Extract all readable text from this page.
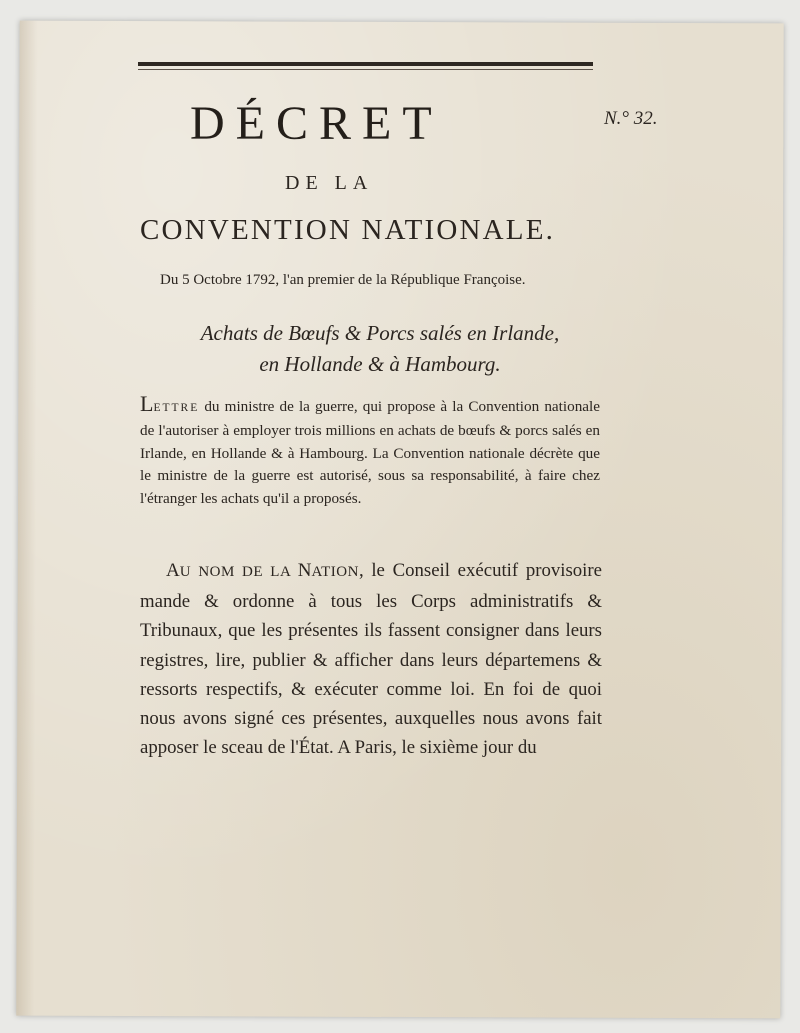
DÉCRET	N.° 32.
DE LA
CONVENTION NATIONALE.
Du 5 Octobre 1792, l'an premier de la République Françoise.
Achats de Bœufs & Porcs salés en Irlande,
en Hollande & à Hambourg.
LETTRE du ministre de la guerre, qui propose à la Convention nationale de l'autoriser à employer trois millions en achats de bœufs & porcs salés en Irlande, en Hollande & à Hambourg. La Convention nationale décrète que le ministre de la guerre est autorisé, sous sa responsabilité, à faire chez l'étranger les achats qu'il a proposés.
AU NOM DE LA NATION, le Conseil exécutif provisoire mande & ordonne à tous les Corps administratifs & Tribunaux, que les présentes ils fassent consigner dans leurs registres, lire, publier & afficher dans leurs départemens & ressorts respectifs, & exécuter comme loi. En foi de quoi nous avons signé ces présentes, auxquelles nous avons fait apposer le sceau de l'État. A Paris, le sixième jour du
